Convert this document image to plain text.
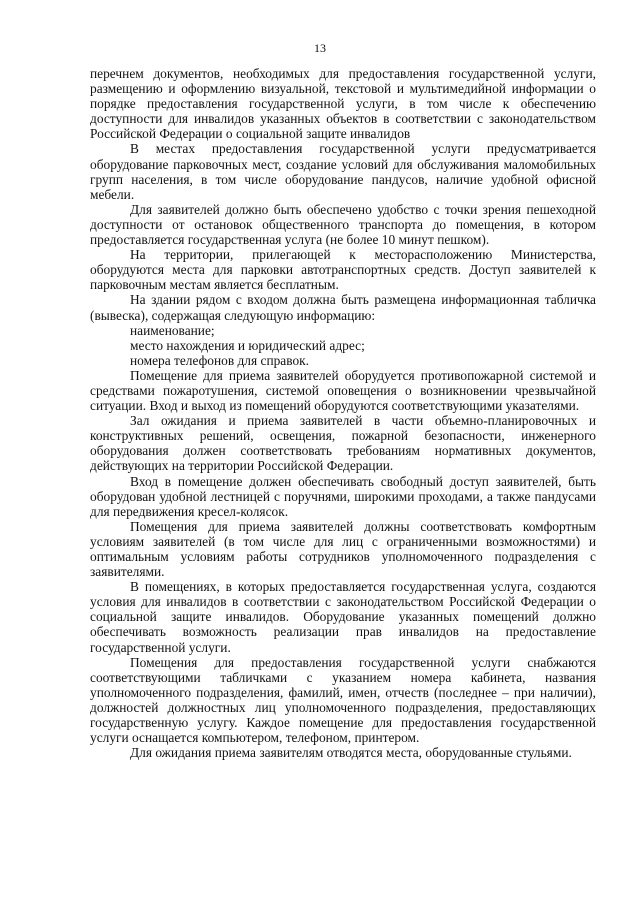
13

перечнем документов, необходимых для предоставления государственной услуги, размещению и оформлению визуальной, текстовой и мультимедийной информации о порядке предоставления государственной услуги, в том числе к обеспечению доступности для инвалидов указанных объектов в соответствии с законодательством Российской Федерации о социальной защите инвалидов

В местах предоставления государственной услуги предусматривается оборудование парковочных мест, создание условий для обслуживания маломобильных групп населения, в том числе оборудование пандусов, наличие удобной офисной мебели.

Для заявителей должно быть обеспечено удобство с точки зрения пешеходной доступности от остановок общественного транспорта до помещения, в котором предоставляется государственная услуга (не более 10 минут пешком).

На территории, прилегающей к месторасположению Министерства, оборудуются места для парковки автотранспортных средств. Доступ заявителей к парковочным местам является бесплатным.

На здании рядом с входом должна быть размещена информационная табличка (вывеска), содержащая следующую информацию:

наименование;

место нахождения и юридический адрес;

номера телефонов для справок.

Помещение для приема заявителей оборудуется противопожарной системой и средствами пожаротушения, системой оповещения о возникновении чрезвычайной ситуации. Вход и выход из помещений оборудуются соответствующими указателями.

Зал ожидания и приема заявителей в части объемно-планировочных и конструктивных решений, освещения, пожарной безопасности, инженерного оборудования должен соответствовать требованиям нормативных документов, действующих на территории Российской Федерации.

Вход в помещение должен обеспечивать свободный доступ заявителей, быть оборудован удобной лестницей с поручнями, широкими проходами, а также пандусами для передвижения кресел-колясок.

Помещения для приема заявителей должны соответствовать комфортным условиям заявителей (в том числе для лиц с ограниченными возможностями) и оптимальным условиям работы сотрудников уполномоченного подразделения с заявителями.

В помещениях, в которых предоставляется государственная услуга, создаются условия для инвалидов в соответствии с законодательством Российской Федерации о социальной защите инвалидов. Оборудование указанных помещений должно обеспечивать возможность реализации прав инвалидов на предоставление государственной услуги.

Помещения для предоставления государственной услуги снабжаются соответствующими табличками с указанием номера кабинета, названия уполномоченного подразделения, фамилий, имен, отчеств (последнее – при наличии), должностей должностных лиц уполномоченного подразделения, предоставляющих государственную услугу. Каждое помещение для предоставления государственной услуги оснащается компьютером, телефоном, принтером.

Для ожидания приема заявителям отводятся места, оборудованные стульями.
